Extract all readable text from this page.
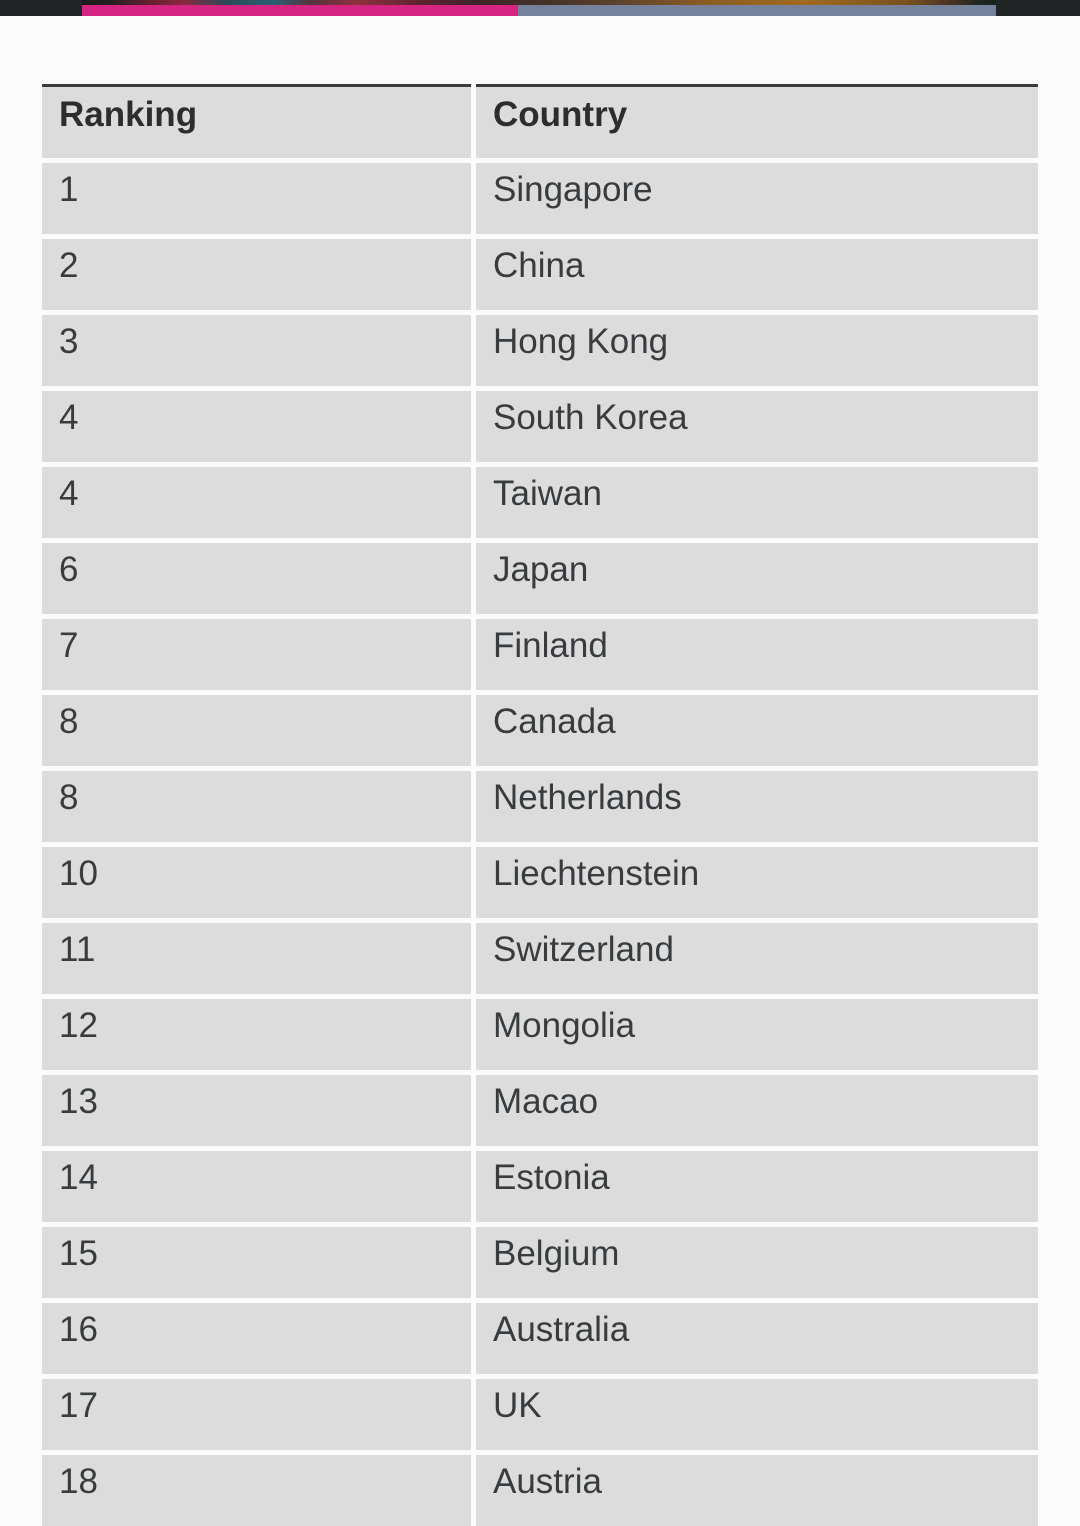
Ranking	Country
1	Singapore
2	China
3	Hong Kong
4	South Korea
4	Taiwan
6	Japan
7	Finland
8	Canada
8	Netherlands
10	Liechtenstein
11	Switzerland
12	Mongolia
13	Macao
14	Estonia
15	Belgium
16	Australia
17	UK
18	Austria
